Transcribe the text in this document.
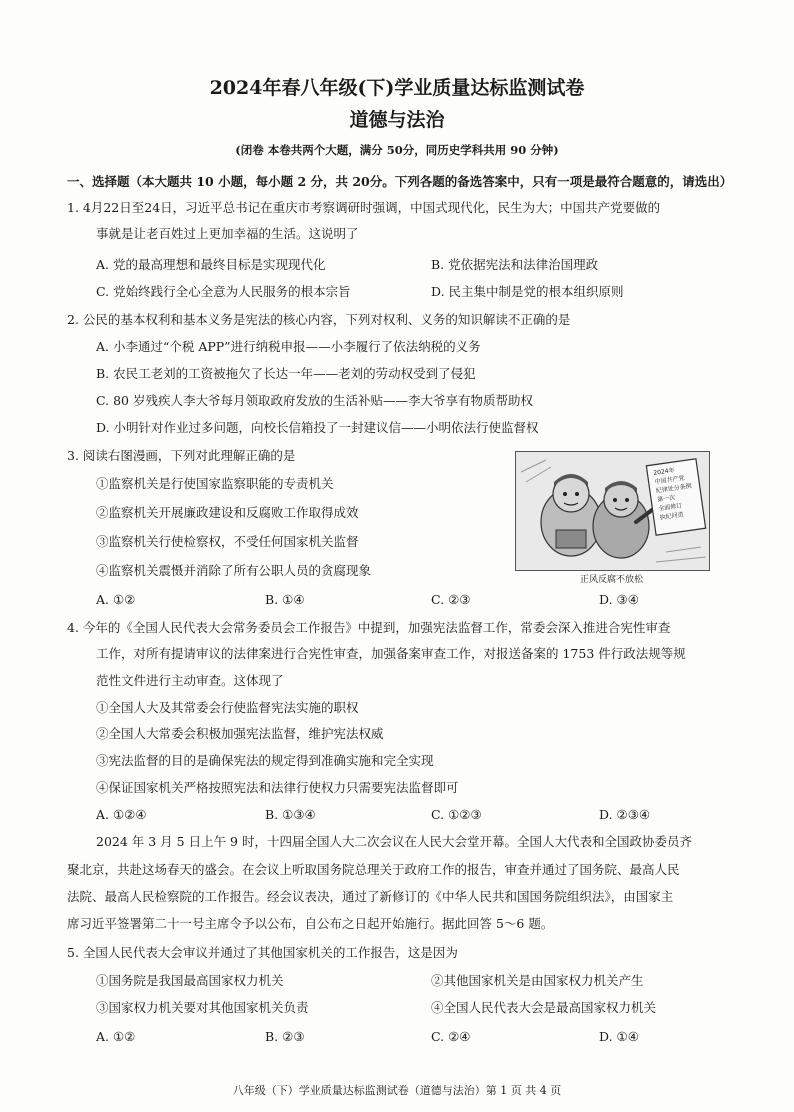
2024年春八年级(下)学业质量达标监测试卷
道德与法治
(闭卷 本卷共两个大题，满分 50分，同历史学科共用 90 分钟)
一、选择题（本大题共 10 小题，每小题 2 分，共 20分。下列各题的备选答案中，只有一项是最符合题意的，请选出）
1. 4月22日至24日，习近平总书记在重庆市考察调研时强调，中国式现代化，民生为大；中国共产党要做的
事就是让老百姓过上更加幸福的生活。这说明了
A. 党的最高理想和最终目标是实现现代化	B. 党依据宪法和法律治国理政
C. 党始终践行全心全意为人民服务的根本宗旨	D. 民主集中制是党的根本组织原则
2. 公民的基本权利和基本义务是宪法的核心内容，下列对权利、义务的知识解读不正确的是
A. 小李通过“个税 APP”进行纳税申报——小李履行了依法纳税的义务
B. 农民工老刘的工资被拖欠了长达一年——老刘的劳动权受到了侵犯
C. 80 岁残疾人李大爷每月领取政府发放的生活补贴——李大爷享有物质帮助权
D. 小明针对作业过多问题，向校长信箱投了一封建议信——小明依法行使监督权
3. 阅读右图漫画，下列对此理解正确的是
①监察机关是行使国家监察职能的专责机关
②监察机关开展廉政建设和反腐败工作取得成效
③监察机关行使检察权，不受任何国家机关监督
④监察机关震慑并消除了所有公职人员的贪腐现象
A. ①②	B. ①④	C. ②③	D. ③④
2024年
中国共产党
纪律处分条例
第一次
全面修订
执纪问责
正风反腐不放松
4. 今年的《全国人民代表大会常务委员会工作报告》中提到，加强宪法监督工作，常委会深入推进合宪性审查
工作，对所有提请审议的法律案进行合宪性审查，加强备案审查工作，对报送备案的 1753 件行政法规等规
范性文件进行主动审查。这体现了
①全国人大及其常委会行使监督宪法实施的职权
②全国人大常委会积极加强宪法监督，维护宪法权威
③宪法监督的目的是确保宪法的规定得到准确实施和完全实现
④保证国家机关严格按照宪法和法律行使权力只需要宪法监督即可
A. ①②④	B. ①③④	C. ①②③	D. ②③④
2024 年 3 月 5 日上午 9 时，十四届全国人大二次会议在人民大会堂开幕。全国人大代表和全国政协委员齐
聚北京，共赴这场春天的盛会。在会议上听取国务院总理关于政府工作的报告，审查并通过了国务院、最高人民
法院、最高人民检察院的工作报告。经会议表决，通过了新修订的《中华人民共和国国务院组织法》，由国家主
席习近平签署第二十一号主席令予以公布，自公布之日起开始施行。据此回答 5～6 题。
5. 全国人民代表大会审议并通过了其他国家机关的工作报告，这是因为
①国务院是我国最高国家权力机关	②其他国家机关是由国家权力机关产生
③国家权力机关要对其他国家机关负责	④全国人民代表大会是最高国家权力机关
A. ①②	B. ②③	C. ②④	D. ①④
八年级（下）学业质量达标监测试卷（道德与法治）第 1 页 共 4 页
